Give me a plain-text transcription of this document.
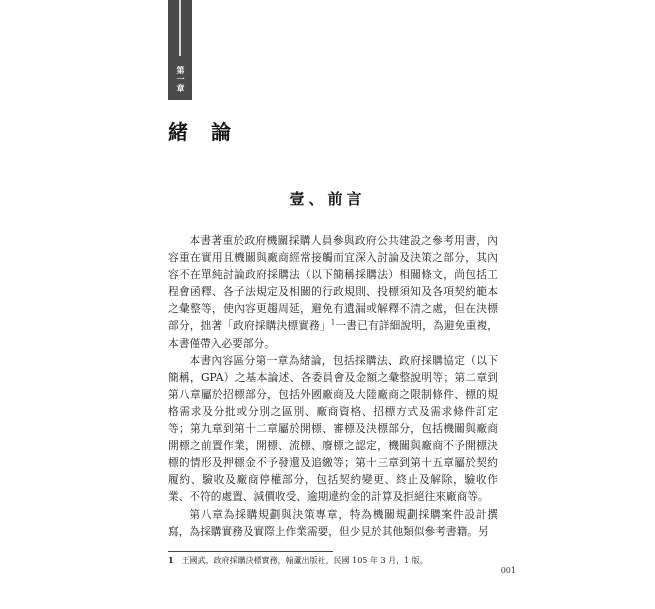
第一章
緒 論
壹、前言

本書著重於政府機關採購人員參與政府公共建設之參考用書，內容重在實用且機關與廠商經常接觸而宜深入討論及決策之部分，其內容不在單純討論政府採購法（以下簡稱採購法）相關條文，尚包括工程會函釋、各子法規定及相關的行政規則、投標須知及各項契約範本之彙整等，使內容更趨周延，避免有遺漏或解釋不清之處，但在決標部分，拙著「政府採購決標實務」$^1$一書已有詳細說明，為避免重複，本書僅帶入必要部分。

本書內容區分第一章為緒論，包括採購法、政府採購協定（以下簡稱，GPA）之基本論述、各委員會及金額之彙整說明等；第二章到第八章屬於招標部分，包括外國廠商及大陸廠商之限制條件、標的規格需求及分批或分別之區別、廠商資格、招標方式及需求條件訂定等；第九章到第十二章屬於開標、審標及決標部分，包括機關與廠商開標之前置作業，開標、流標、廢標之認定，機關與廠商不予開標決標的情形及押標金不予發還及追繳等；第十三章到第十五章屬於契約履約、驗收及廠商停權部分，包括契約變更、終止及解除，驗收作業、不符的處置、減價收受、逾期違約金的計算及拒絕往來廠商等。

第八章為採購規劃與決策專章，特為機關規劃採購案件設計撰寫，為採購實務及實際上作業需要，但少見於其他類似參考書籍。另

1 王國武，政府採購決標實務，翰蘆出版社，民國 105 年 3 月，1 版。
001
